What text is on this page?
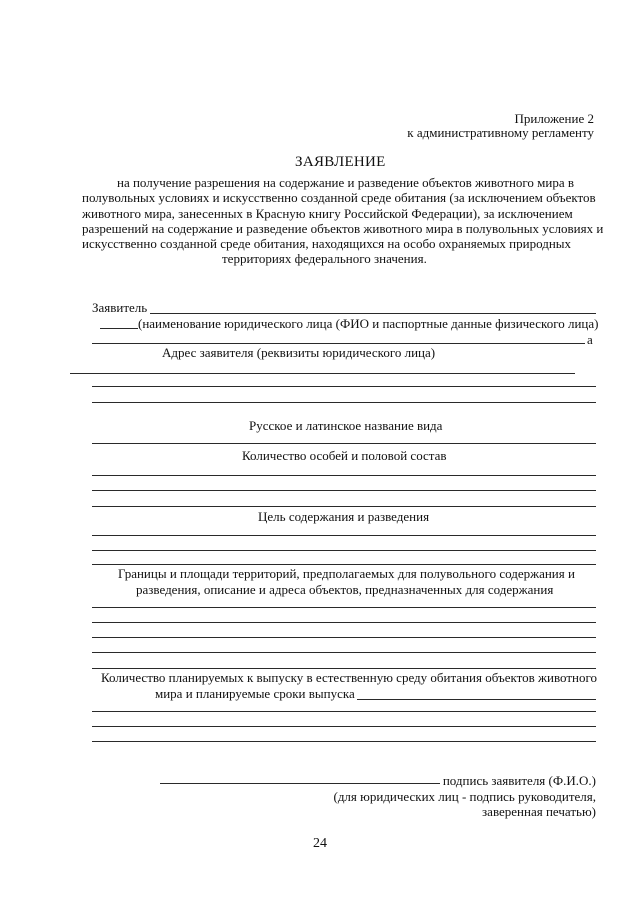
Приложение 2
к административному регламенту
ЗАЯВЛЕНИЕ
на получение разрешения на содержание и разведение объектов животного мира в
полувольных условиях и искусственно созданной среде обитания (за исключением объектов
животного мира, занесенных в Красную книгу Российской Федерации), за исключением
разрешений на содержание и разведение объектов животного мира в полувольных условиях и
искусственно созданной среде обитания, находящихся на особо охраняемых природных
территориях федерального значения.
Заявитель
(наименование юридического лица (ФИО и паспортные данные физического лица)
а
Адрес заявителя (реквизиты юридического лица)
Русское и латинское название вида
Количество особей и половой состав
Цель содержания и разведения
Границы и площади территорий, предполагаемых для полувольного содержания и
разведения, описание и адреса объектов, предназначенных для содержания
Количество планируемых к выпуску в естественную среду обитания объектов животного
мира и планируемые сроки выпуска
подпись заявителя (Ф.И.О.)
(для юридических лиц - подпись руководителя,
заверенная печатью)
24
